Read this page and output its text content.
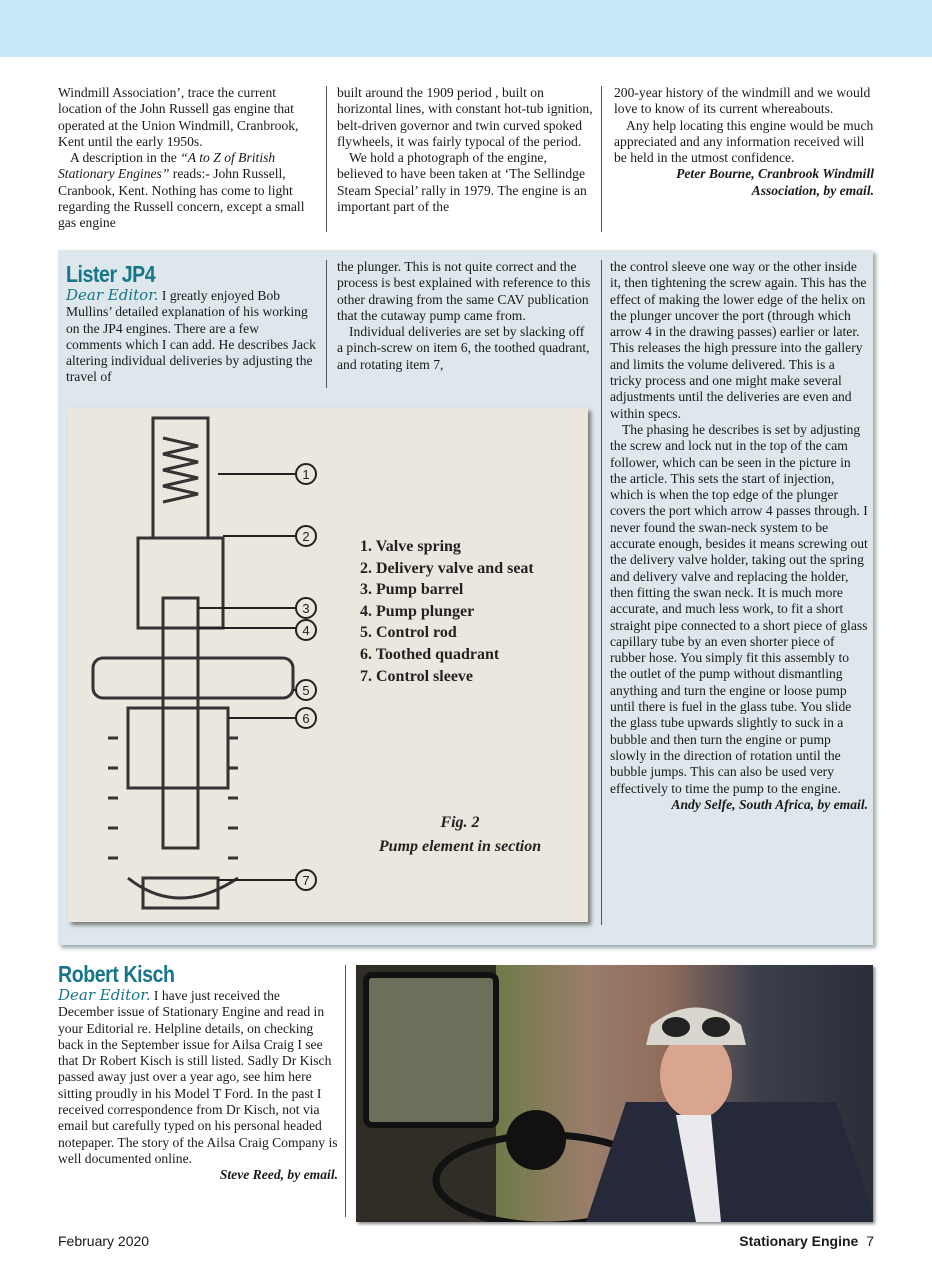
Windmill Association’, trace the current location of the John Russell gas engine that operated at the Union Windmill, Cranbrook, Kent until the early 1950s.

A description in the “A to Z of British Stationary Engines” reads:- John Russell, Cranbook, Kent. Nothing has come to light regarding the Russell concern, except a small gas engine

built around the 1909 period , built on horizontal lines, with constant hot-tub ignition, belt-driven governor and twin curved spoked flywheels, it was fairly typocal of the period.

We hold a photograph of the engine, believed to have been taken at ‘The Sellindge Steam Special’ rally in 1979. The engine is an important part of the

200-year history of the windmill and we would love to know of its current whereabouts.

Any help locating this engine would be much appreciated and any information received will be held in the utmost confidence.

Peter Bourne, Cranbrook Windmill Association, by email.

Lister JP4

Dear Editor. I greatly enjoyed Bob Mullins’ detailed explanation of his working on the JP4 engines. There are a few comments which I can add. He describes Jack altering individual deliveries by adjusting the travel of

the plunger. This is not quite correct and the process is best explained with reference to this other drawing from the same CAV publication that the cutaway pump came from.

Individual deliveries are set by slacking off a pinch-screw on item 6, the toothed quadrant, and rotating item 7,

the control sleeve one way or the other inside it, then tightening the screw again. This has the effect of making the lower edge of the helix on the plunger uncover the port (through which arrow 4 in the drawing passes) earlier or later. This releases the high pressure into the gallery and limits the volume delivered. This is a tricky process and one might make several adjustments until the deliveries are even and within specs.

The phasing he describes is set by adjusting the screw and lock nut in the top of the cam follower, which can be seen in the picture in the article. This sets the start of injection, which is when the top edge of the plunger covers the port which arrow 4 passes through. I never found the swan-neck system to be accurate enough, besides it means screwing out the delivery valve holder, taking out the spring and delivery valve and replacing the holder, then fitting the swan neck. It is much more accurate, and much less work, to fit a short straight pipe connected to a short piece of glass capillary tube by an even shorter piece of rubber hose. You simply fit this assembly to the outlet of the pump without dismantling anything and turn the engine or loose pump until there is fuel in the glass tube. You slide the glass tube upwards slightly to suck in a bubble and then turn the engine or pump slowly in the direction of rotation until the bubble jumps. This can also be used very effectively to time the pump to the engine.

Andy Selfe, South Africa, by email.

1
2
3
4
5
6
7
1. Valve spring
2. Delivery valve and seat
3. Pump barrel
4. Pump plunger
5. Control rod
6. Toothed quadrant
7. Control sleeve
Fig. 2
Pump element in section
Robert Kisch

Dear Editor. I have just received the December issue of Stationary Engine and read in your Editorial re. Helpline details, on checking back in the September issue for Ailsa Craig I see that Dr Robert Kisch is still listed. Sadly Dr Kisch passed away just over a year ago, see him here sitting proudly in his Model T Ford. In the past I received correspondence from Dr Kisch, not via email but carefully typed on his personal headed notepaper. The story of the Ailsa Craig Company is well documented online.

Steve Reed, by email.

February 2020	Stationary Engine 7
